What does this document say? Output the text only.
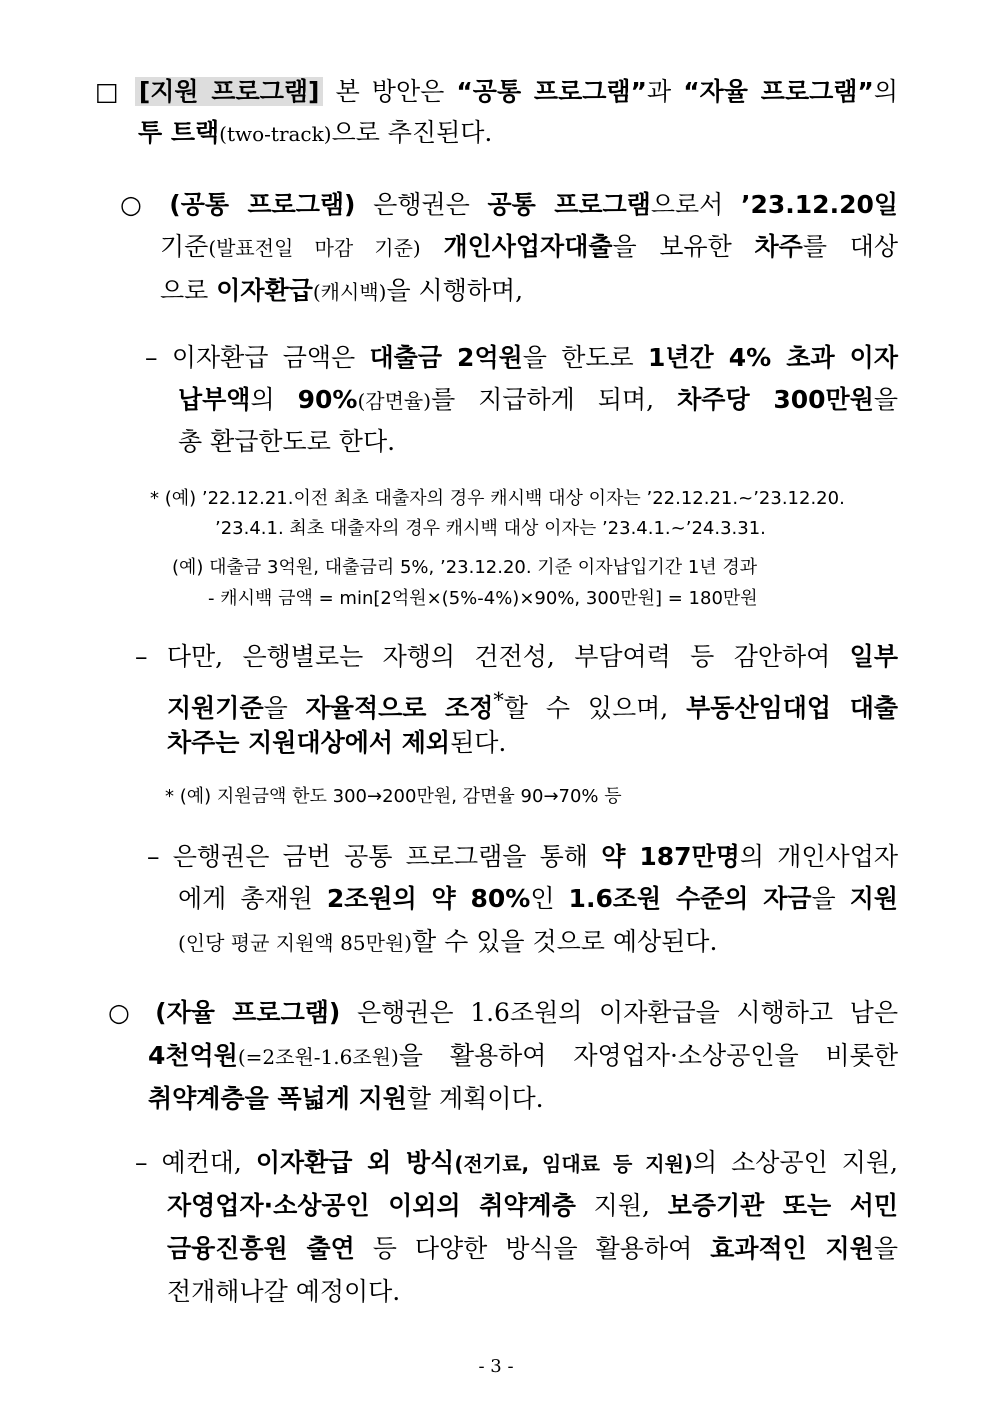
□ [지원 프로그램] 본 방안은 “공통 프로그램”과 “자율 프로그램”의
투 트랙(two-track)으로 추진된다.
○ (공통 프로그램) 은행권은 공통 프로그램으로서 ’23.12.20일
기준(발표전일 마감 기준) 개인사업자대출을 보유한 차주를 대상
으로 이자환급(캐시백)을 시행하며,
– 이자환급 금액은 대출금 2억원을 한도로 1년간 4% 초과 이자
납부액의 90%(감면율)를 지급하게 되며, 차주당 300만원을
총 환급한도로 한다.
* (예) ’22.12.21.이전 최초 대출자의 경우 캐시백 대상 이자는 ’22.12.21.~’23.12.20.
’23.4.1. 최초 대출자의 경우 캐시백 대상 이자는 ’23.4.1.~’24.3.31.
(예) 대출금 3억원, 대출금리 5%, ’23.12.20. 기준 이자납입기간 1년 경과
- 캐시백 금액 = min[2억원×(5%-4%)×90%, 300만원] = 180만원
– 다만, 은행별로는 자행의 건전성, 부담여력 등 감안하여 일부
지원기준을 자율적으로 조정*할 수 있으며, 부동산임대업 대출
차주는 지원대상에서 제외된다.
* (예) 지원금액 한도 300→200만원, 감면율 90→70% 등
– 은행권은 금번 공통 프로그램을 통해 약 187만명의 개인사업자
에게 총재원 2조원의 약 80%인 1.6조원 수준의 자금을 지원
(인당 평균 지원액 85만원)할 수 있을 것으로 예상된다.
○ (자율 프로그램) 은행권은 1.6조원의 이자환급을 시행하고 남은
4천억원(=2조원-1.6조원)을 활용하여 자영업자·소상공인을 비롯한
취약계층을 폭넓게 지원할 계획이다.
– 예컨대, 이자환급 외 방식(전기료, 임대료 등 지원)의 소상공인 지원,
자영업자·소상공인 이외의 취약계층 지원, 보증기관 또는 서민
금융진흥원 출연 등 다양한 방식을 활용하여 효과적인 지원을
전개해나갈 예정이다.
- 3 -
